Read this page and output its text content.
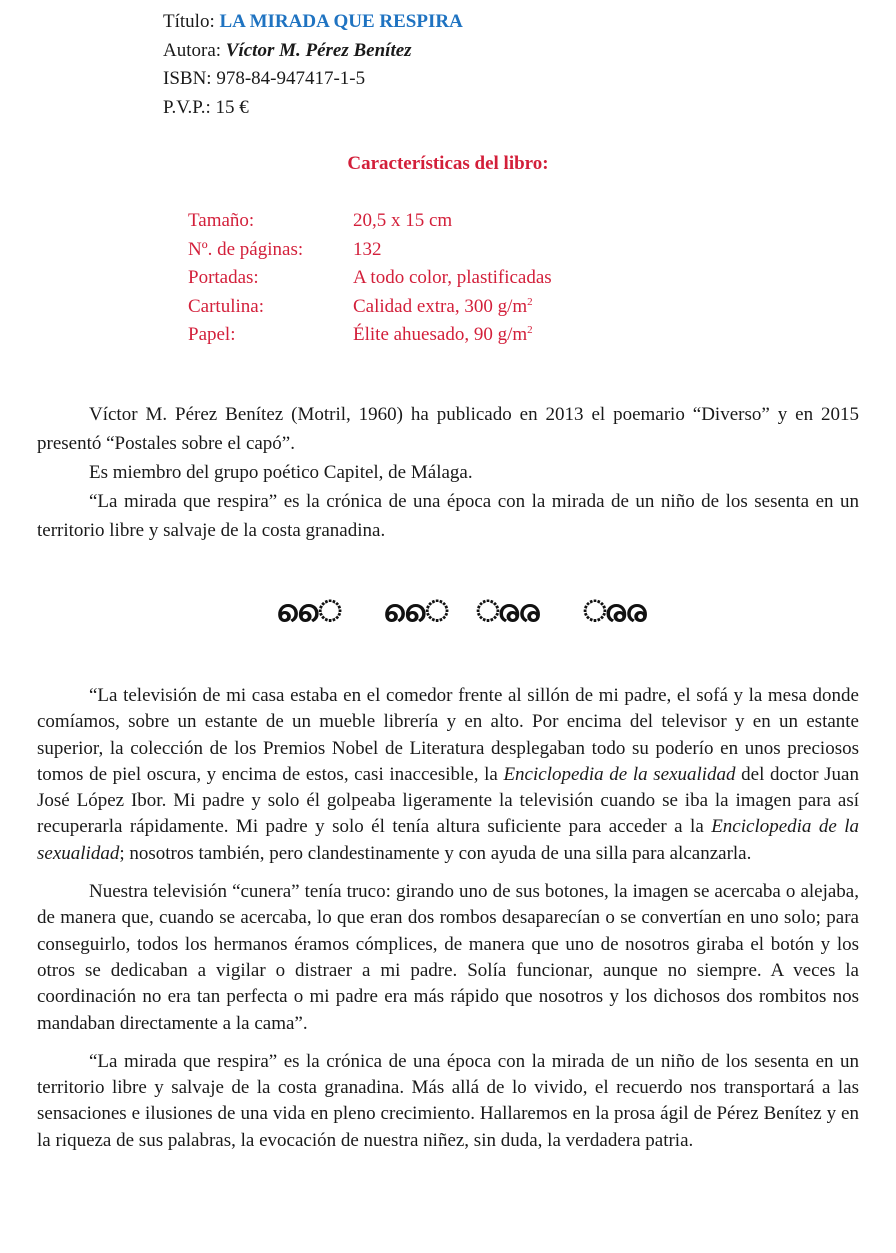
Título: LA MIRADA QUE RESPIRA
Autora: Víctor M. Pérez Benítez
ISBN: 978-84-947417-1-5
P.V.P.: 15 €
Características del libro:
Tamaño:	20,5 x 15 cm
Nº. de páginas:	132
Portadas:	A todo color, plastificadas
Cartulina:	Calidad extra, 300 $g/m^2$
Papel:	Élite ahuesado, 90 $g/m^2$

Víctor M. Pérez Benítez (Motril, 1960) ha publicado en 2013 el poemario “Diverso” y en 2015 presentó “Postales sobre el capó”.

Es miembro del grupo poético Capitel, de Málaga.

“La mirada que respira” es la crónica de una época con la mirada de un niño de los sesenta en un territorio libre y salvaje de la costa granadina.

ൈ ൈ ൈ ൈ

“La televisión de mi casa estaba en el comedor frente al sillón de mi padre, el sofá y la mesa donde comíamos, sobre un estante de un mueble librería y en alto. Por encima del televisor y en un estante superior, la colección de los Premios Nobel de Literatura desplegaban todo su poderío en unos preciosos tomos de piel oscura, y encima de estos, casi inaccesible, la Enciclopedia de la sexualidad del doctor Juan José López Ibor. Mi padre y solo él golpeaba ligeramente la televisión cuando se iba la imagen para así recuperarla rápidamente. Mi padre y solo él tenía altura suficiente para acceder a la Enciclopedia de la sexualidad; nosotros también, pero clandestinamente y con ayuda de una silla para alcanzarla.

Nuestra televisión “cunera” tenía truco: girando uno de sus botones, la imagen se acercaba o alejaba, de manera que, cuando se acercaba, lo que eran dos rombos desaparecían o se convertían en uno solo; para conseguirlo, todos los hermanos éramos cómplices, de manera que uno de nosotros giraba el botón y los otros se dedicaban a vigilar o distraer a mi padre. Solía funcionar, aunque no siempre. A veces la coordinación no era tan perfecta o mi padre era más rápido que nosotros y los dichosos dos rombitos nos mandaban directamente a la cama”.

“La mirada que respira” es la crónica de una época con la mirada de un niño de los sesenta en un territorio libre y salvaje de la costa granadina. Más allá de lo vivido, el recuerdo nos transportará a las sensaciones e ilusiones de una vida en pleno crecimiento. Hallaremos en la prosa ágil de Pérez Benítez y en la riqueza de sus palabras, la evocación de nuestra niñez, sin duda, la verdadera patria.
